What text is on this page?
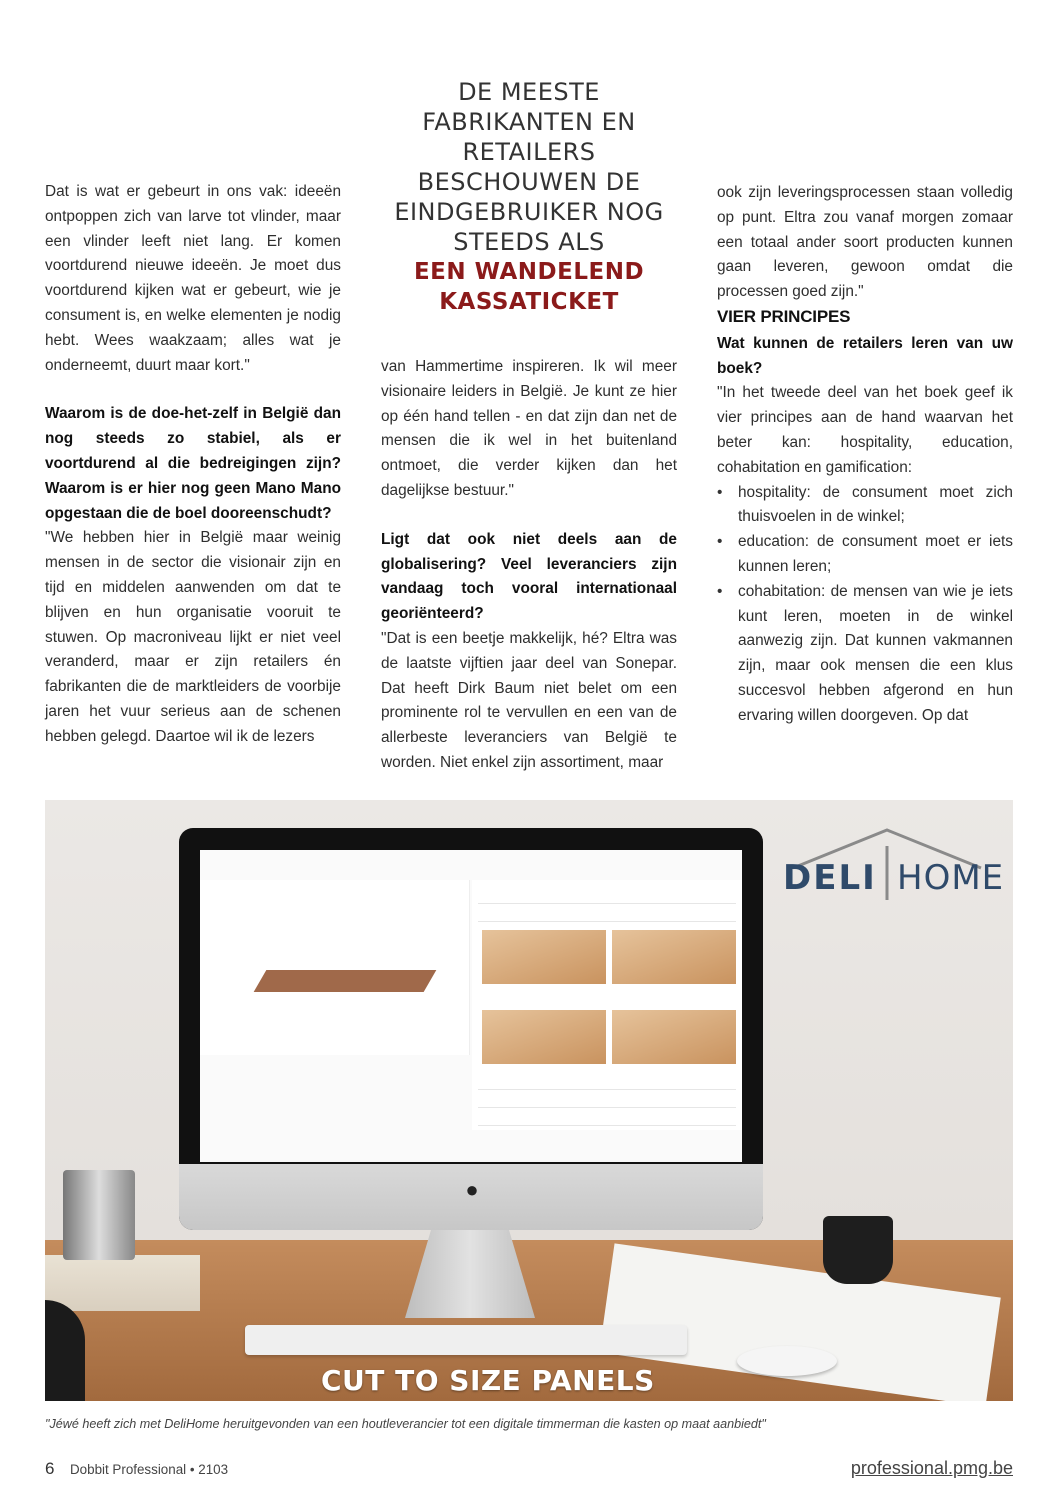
DE MEESTE
FABRIKANTEN EN
RETAILERS
BESCHOUWEN DE
EINDGEBRUIKER NOG
STEEDS ALS
EEN WANDELEND
KASSATICKET

Dat is wat er gebeurt in ons vak: ideeën ontpoppen zich van larve tot vlinder, maar een vlinder leeft niet lang. Er komen voortdurend nieuwe ideeën. Je moet dus voortdurend kijken wat er gebeurt, wie je consument is, en welke elementen je nodig hebt. Wees waakzaam; alles wat je onderneemt, duurt maar kort."

Waarom is de doe-het-zelf in België dan nog steeds zo stabiel, als er voortdurend al die bedreigingen zijn? Waarom is er hier nog geen Mano Mano opgestaan die de boel dooreenschudt?

"We hebben hier in België maar weinig mensen in de sector die visionair zijn en tijd en middelen aanwenden om dat te blijven en hun organisatie vooruit te stuwen. Op macroniveau lijkt er niet veel veranderd, maar er zijn retailers én fabrikanten die de marktleiders de voorbije jaren het vuur serieus aan de schenen hebben gelegd. Daartoe wil ik de lezers

van Hammertime inspireren. Ik wil meer visionaire leiders in België. Je kunt ze hier op één hand tellen - en dat zijn dan net de mensen die ik wel in het buitenland ontmoet, die verder kijken dan het dagelijkse bestuur."

Ligt dat ook niet deels aan de globalisering? Veel leveranciers zijn vandaag toch vooral internationaal georiënteerd?

"Dat is een beetje makkelijk, hé? Eltra was de laatste vijftien jaar deel van Sonepar. Dat heeft Dirk Baum niet belet om een prominente rol te vervullen en een van de allerbeste leveranciers van België te worden. Niet enkel zijn assortiment, maar

ook zijn leveringsprocessen staan volledig op punt. Eltra zou vanaf morgen zomaar een totaal ander soort producten kunnen gaan leveren, gewoon omdat die processen goed zijn."

VIER PRINCIPES

Wat kunnen de retailers leren van uw boek?

"In het tweede deel van het boek geef ik vier principes aan de hand waarvan het beter kan: hospitality, education, cohabitation en gamification:

• hospitality: de consument moet zich thuisvoelen in de winkel;
• education: de consument moet er iets kunnen leren;
• cohabitation: de mensen van wie je iets kunt leren, moeten in de winkel aanwezig zijn. Dat kunnen vakmannen zijn, maar ook mensen die een klus succesvol hebben afgerond en hun ervaring willen doorgeven. Op dat
●
DELI HOME
CUT TO SIZE PANELS
"Jéwé heeft zich met DeliHome heruitgevonden van een houtleverancier tot een digitale timmerman die kasten op maat aanbiedt"
6 Dobbit Professional • 2103	professional.pmg.be
